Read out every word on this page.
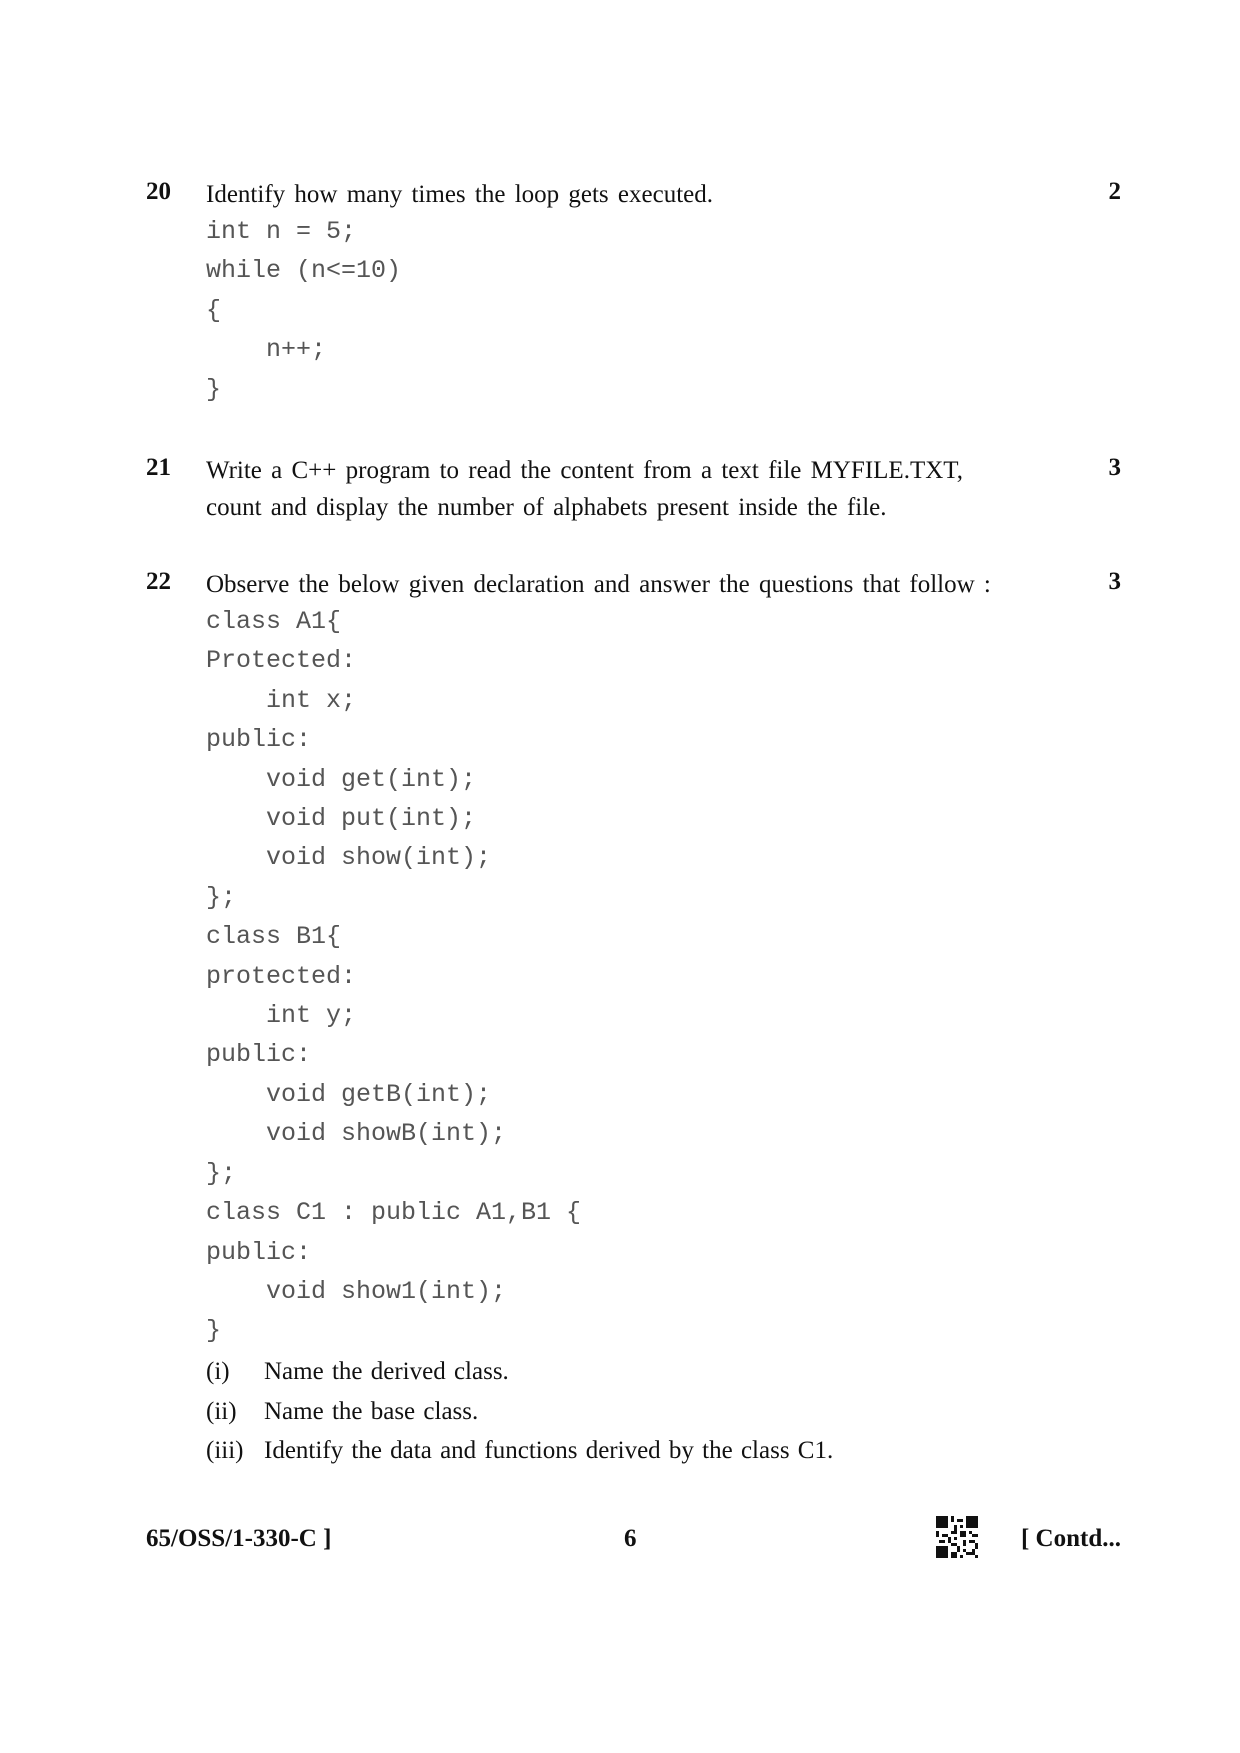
20 Identify how many times the loop gets executed.	2
int n = 5;
while (n<=10)
{
n++;
}
21 Write a C++ program to read the content from a text file MYFILE.TXT,

count and display the number of alphabets present inside the file.

3
22 Observe the below given declaration and answer the questions that follow :	3
class A1{
Protected:
int x;
public:
void get(int);
void put(int);
void show(int);
};
class B1{
protected:
int y;
public:
void getB(int);
void showB(int);
};
class C1 : public A1,B1 {
public:
void show1(int);
}
(i) Name the derived class.
(ii) Name the base class.
(iii) Identify the data and functions derived by the class C1.
65/OSS/1-330-C ]	6	[ Contd...
